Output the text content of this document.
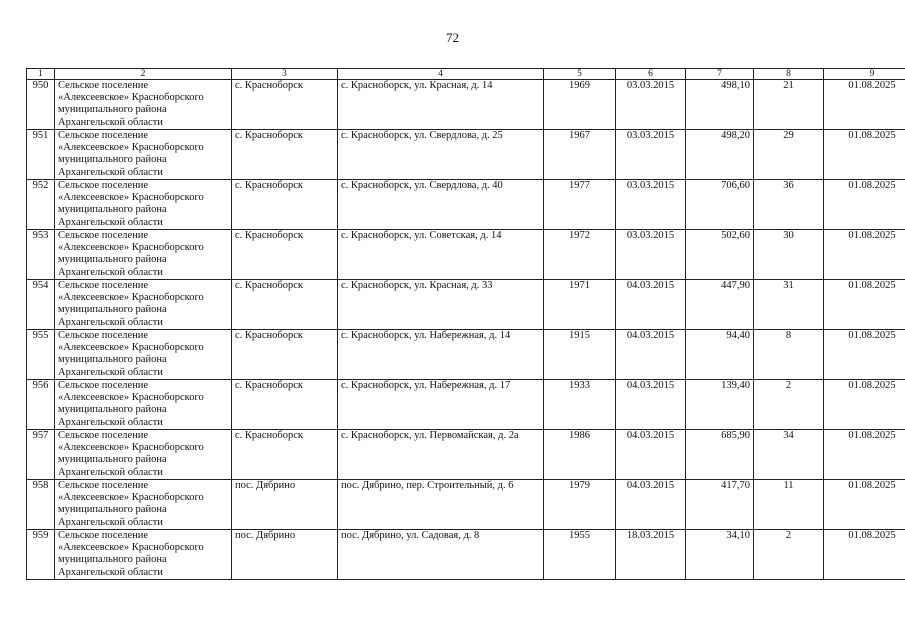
72
1	2	3	4	5	6	7	8	9
950	Сельское поселение
«Алексеевское» Красноборского
муниципального района
Архангельской области	с. Красноборск	с. Красноборск, ул. Красная, д. 14	1969	03.03.2015	498,10	21	01.08.2025
951	Сельское поселение
«Алексеевское» Красноборского
муниципального района
Архангельской области	с. Красноборск	с. Красноборск, ул. Свердлова, д. 25	1967	03.03.2015	498,20	29	01.08.2025
952	Сельское поселение
«Алексеевское» Красноборского
муниципального района
Архангельской области	с. Красноборск	с. Красноборск, ул. Свердлова, д. 40	1977	03.03.2015	706,60	36	01.08.2025
953	Сельское поселение
«Алексеевское» Красноборского
муниципального района
Архангельской области	с. Красноборск	с. Красноборск, ул. Советская, д. 14	1972	03.03.2015	502,60	30	01.08.2025
954	Сельское поселение
«Алексеевское» Красноборского
муниципального района
Архангельской области	с. Красноборск	с. Красноборск, ул. Красная, д. 33	1971	04.03.2015	447,90	31	01.08.2025
955	Сельское поселение
«Алексеевское» Красноборского
муниципального района
Архангельской области	с. Красноборск	с. Красноборск, ул. Набережная, д. 14	1915	04.03.2015	94,40	8	01.08.2025
956	Сельское поселение
«Алексеевское» Красноборского
муниципального района
Архангельской области	с. Красноборск	с. Красноборск, ул. Набережная, д. 17	1933	04.03.2015	139,40	2	01.08.2025
957	Сельское поселение
«Алексеевское» Красноборского
муниципального района
Архангельской области	с. Красноборск	с. Красноборск, ул. Первомайская, д. 2а	1986	04.03.2015	685,90	34	01.08.2025
958	Сельское поселение
«Алексеевское» Красноборского
муниципального района
Архангельской области	пос. Дябрино	пос. Дябрино, пер. Строительный, д. 6	1979	04.03.2015	417,70	11	01.08.2025
959	Сельское поселение
«Алексеевское» Красноборского
муниципального района
Архангельской области	пос. Дябрино	пос. Дябрино, ул. Садовая, д. 8	1955	18.03.2015	34,10	2	01.08.2025
